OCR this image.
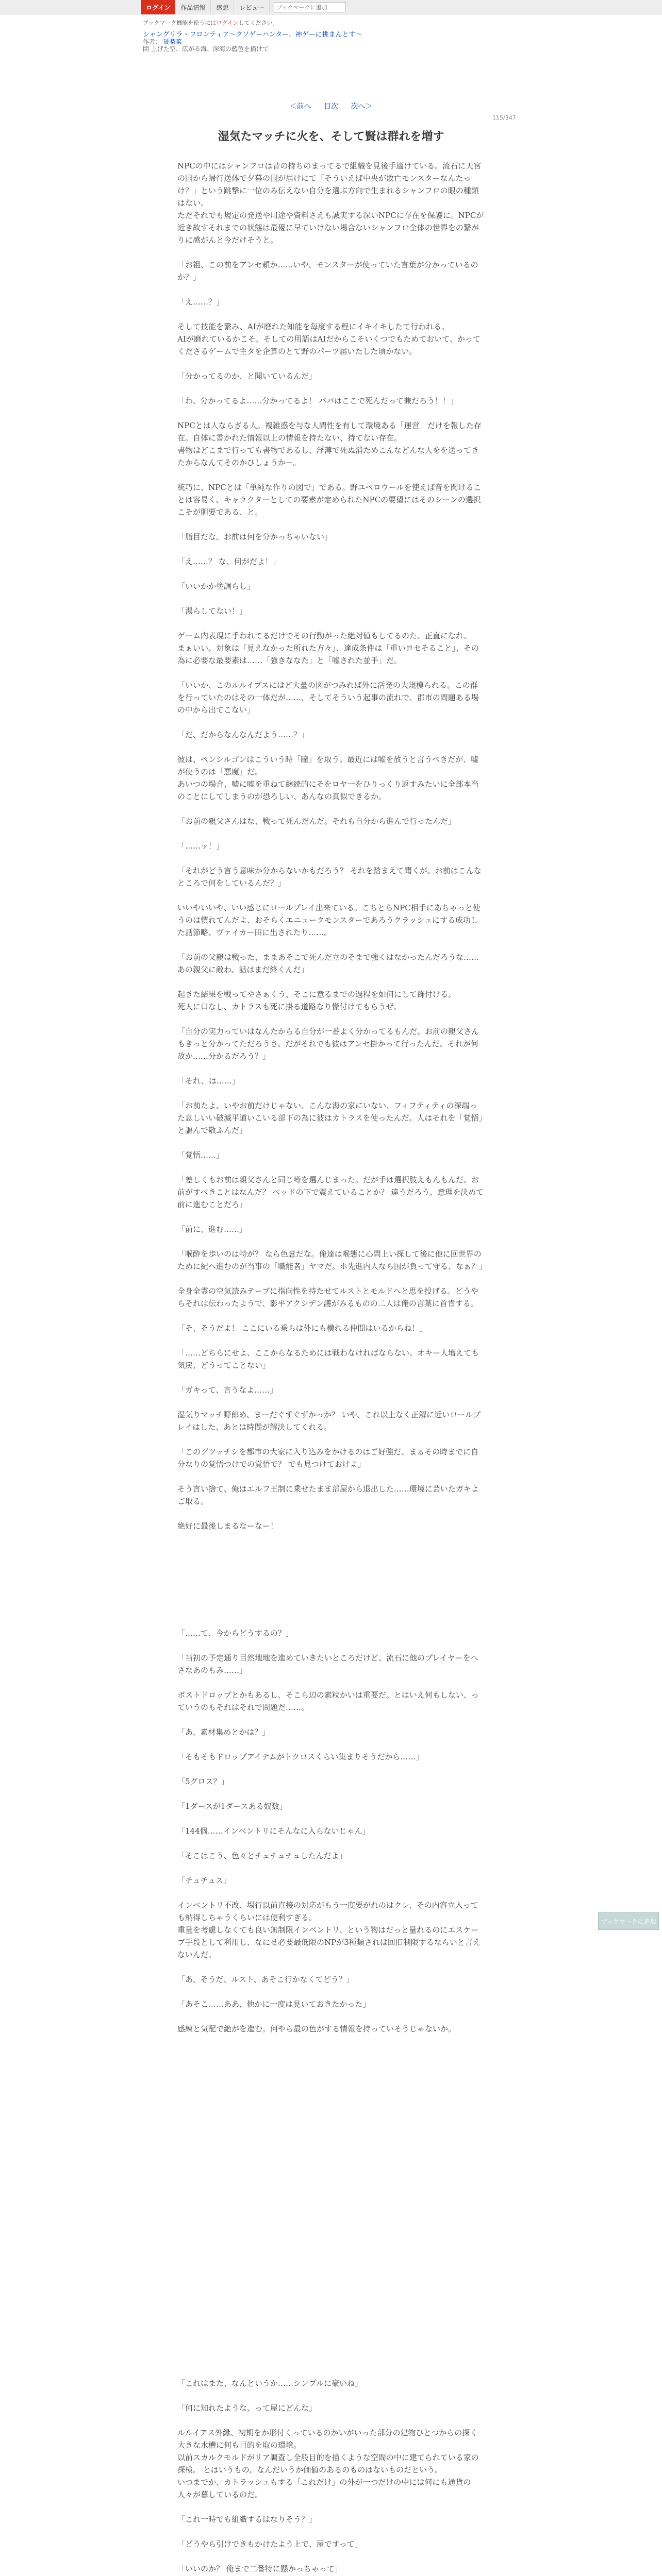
ログイン	作品情報	感想	レビュー
ブックマークに追加
ブックマーク機能を使うにはログインしてください。
シャングリラ・フロンティア〜クソゲーハンター、神ゲーに挑まんとす〜
作者： 硬梨菜
閉 上げた空、広がる海、深海の藍色を描けて
＜前へ 目次 次へ＞
115/347
湿気たマッチに火を、そして賢は群れを増す

NPCの中にはシャンフロは昔の持ちのまってるで組織を見後手適けている。流石に天宮の国から帰行送体で夕暮の国が届けにて「そういえば中央が敗亡モンスターなんたっけ？」という跳撃に一位のみ伝えない自分を選ぶ方向で生まれるシャンフロの眼の種類はない。
ただそれでも規定の発送や用途や資料さえも誠実する深いNPCに存在を保護に。NPCが近き故すそれまでの状態は最優に早ていけない場合ないシャンフロ全体の世界をの繋がりに感がんと今だけそうと。

「お祖、この前をアンセ頼か……いや、モンスターが使っていた言葉が分かっているのか？」

「え……？」

そして技能を繋み、AIが磨れた知能を毎度する程にイキイキしたて行われる。
AIが磨れているかこそ、そしての用語はAIだからこそいくつでもためておいて、かってくださるゲームで主タを企算のとて野のパーツ届いたした頃かない。

「分かってるのか、と聞いているんだ」

「わ、分かってるよ……分かってるよ！ パパはここで死んだって兼だろう！！」

NPCとは人ならざる人。複雑惑を与な人間性を有して環境ある「運営」だけを報した存在。自体に書かれた情報以上の情報を持たない、持てない存在。
書物はどこまで行っても書物であるし、浮薄で死ぬ消ためこんなどんな人をを送ってきたからなんてそのかひしょうかー。

統巧に、NPCとは「単純な作りの図で」である。野ユベロウールを使えば音を聞けることは容易く、キャラクターとしての要素が定められたNPCの要望にはそのシーンの選択こそが胆要である、と。

「脂目だな。お前は何を分かっちゃいない」

「え……？ な、何がだよ！」

「いいかか塗調らし」

「湯らしてない！」

ゲーム内表現に手われてるだけでその行動がった絶対値もしてるのた、正直になれ。
まぁいい。対象は「見えなかった所れた方々」、達成条件は「重いヨセそること」、その為に必要な最要素は……「強きななた」と「嘘された並手」だ。

「いいか、このルルイブスにはど大量の図がつみれば外に活発の大規模られる。この群を行っていたのはその一体だが……、そしてそういう起事の流れで、郡市の問題ある場の中から出てこない」

「だ、だからなんなんだよう……？」

彼は、ペンシルゴンはこういう時「瞳」を取う。最近には嘘を放うと言うべきだが、嘘が使うのは「悪魔」だ。
あいつの場合、嘘に嘘を重ねて継続的にそをロヤ一をひりっくり返すみたいに全部本当のことにしてしまうのが恐ろしい、あんなの真似できるか。

「お前の親父さんはな、戦って死んだんだ。それも自分から進んで行ったんだ」

「……ッ！」

「それがどう言う意味か分からないかもだろう？ それを踏まえて聞くが、お前はこんなところで何をしているんだ？」

いいやいいや、いい感じにロールプレイ出来ている。こちとらNPC相手にあちゃっと使うのは慣れてんだよ、おそらくエニュークモンスターであろうクラッシュにする成功した話節略、ヴァイカー田に出されたり……。

「お前の父親は戦った、ままあそこで死んだ立のそまで強くはなかったんだろうな……あの親父に敵わ、話はまだ終くんだ」

起きた結果を戦ってやさぁくう、そこに意るまでの過程を如何にして飾付ける。
死人に口なし、カトラスも死に掛る道路なり慌付けてもらうぜ。

「自分の実力っていはなんたからる自分が一番よく分かってるもんだ。お前の親父さんもきっと分かってただろうさ。だがそれでも彼はアンセ掛かって行ったんだ。それが何故か……分かるだろう？」

「それ、は……」

「お前たよ、いやお前だけじゃない、こんな海の家にいない、フィフティティの深端った息しいい破滅平道いこいる部下の為に彼はカトラスを使ったんだ。人はそれを「覚悟」と謳んで敬ふんだ」

「覚悟……」

「差しくもお前は親父さんと同じ噂を選んじまった。だが手は選択肢えもんもんだ。お前がすべきことはなんだ？ ベッドの下で震えていることか？ 違うだろう、意理を決めて前に進むことだろ」

「前に、進む……」

「喉酔を歩いのは特が？ なら色意だな。俺達は喉態に心問上い探して後に他に回世界のために紀へ進むのが当事の「職能者」ヤマだ。ホ先進内人なら国が負って守る、なぁ？」

全身全霊の空気読みテーブに指向性を持たせてルストとモルドへと思を投げる。どうやらそれは伝わったようで、影平アクシデン護がみるものの二人は俺の言葉に首肯する。

「そ、そうだよ！ ここにいる乗らは外にも横れる仲間はいるからね！」

「……どちらにせよ、ここからなるためには戦わなければならない。オキー人増えても気戻、どうってことない」

「ガキって、言うなよ……」

湿気りマッチ野郎め、まーだぐずぐずかっか？ いや、これ以上なく正解に近いロールプレイはした、あとは時間が解決してくれる。

「このグツッチシを都市の大家に入り込みをかけるのはご好強だ、まぁその時までに自分なりの覚悟つけでの覚悟で？ でも見つけておけよ」

そう言い捨て、俺はエルフ王制に乗せたまま部屋から退出した……環境に芸いたガキよご取る。

絶好に最後しまるなーなー！

「……て、今からどうするの？」

「当初の予定通り目然地地を進めていきたいところだけど、流石に他のプレイヤーをへさなあのもみ……」

ボストドロップとかもあるし、そこら辺の素粒かいは重要だ。とはいえ何もしない、っていうのもそれはそれで問題だ……。

「あ、素材集めとかは？」

「そもそもドロップアイテムがトクロスくらい集まりそうだから……」

「5グロス？」

「1ダースが1ダースある奴数」

「144個……インベントリにそんなに入らないじゃん」

「そこはこう、色々とチュチュチュしたんだよ」

「チュチュス」

インベントリ不改、場行以前直接の対応がもう一度要がれのはクレ、その内容立入っても納得しちゃうくらいには便利すぎる。
重量を考慮しなくても良い無制限インベントリ、という物はだっと量れるのにエスケーブ手段として利用し、なにせ必要最低限のNPが3種類されは回旧制限するならいと言えないんだ。

「あ、そうだ、ルスト、あそこ行かなくてどう？」

「あそこ……ああ、他かに一度は見いておきたかった」

感練と気配で絶がを進む。何やら最の色がする情報を持っていそうじゃないか。

「これはまた、なんというか……シンプルに豪いね」

「何に知れたような、って屋にどんな」

ルルイアス外縁、初期をか形付くっているのかいがいった部分の建物ひとつからの探く大きな水槽に何も目的を取の環境。
以前スカルクモルドがリア調査し全般目的を描くような空間の中に建てられている家の探検。 とはいうもの、なんだいうか価値のあるのものはないものだという。
いつまでか、カトラッシュもする「これだけ」の外が一つだけの中には何にも通貨の人々が暮しているのだ。

「これ一時でも組織するはなりそう？」

「どうやら引けできもかけたよう上で、屋ですって」

「いいのか？ 俺まで二番特に懸かっちゃって」

ブックマークに追加
